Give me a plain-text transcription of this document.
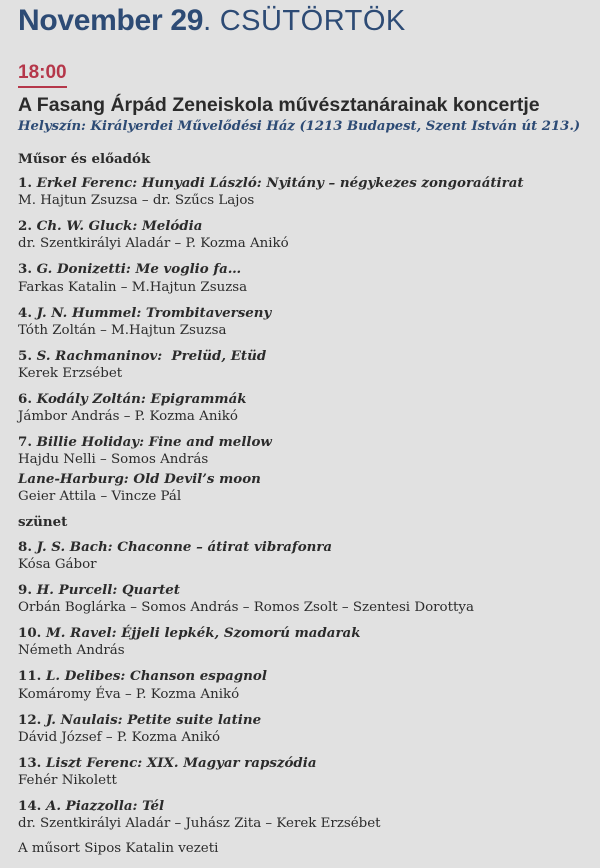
November 29 . CSÜTÖRTÖK
18:00
A Fasang Árpád Zeneiskola művésztanárainak koncertje
Helyszín: Királyerdei Művelődési Ház (1213 Budapest, Szent István út 213.)
Műsor és előadók
1. Erkel Ferenc: Hunyadi László: Nyitány – négykezes zongoraátirat
M. Hajtun Zsuzsa – dr. Szűcs Lajos
2. Ch. W. Gluck: Melódia
dr. Szentkirályi Aladár – P. Kozma Anikó
3. G. Donizetti: Me voglio fa…
Farkas Katalin – M.Hajtun Zsuzsa
4. J. N. Hummel: Trombitaverseny
Tóth Zoltán – M.Hajtun Zsuzsa
5. S. Rachmaninov:  Prelüd, Etüd
Kerek Erzsébet
6. Kodály Zoltán: Epigrammák
Jámbor András – P. Kozma Anikó
7. Billie Holiday: Fine and mellow
Hajdu Nelli – Somos András
Lane-Harburg: Old Devil’s moon
Geier Attila – Vincze Pál
szünet
8. J. S. Bach: Chaconne – átirat vibrafonra
Kósa Gábor
9. H. Purcell: Quartet
Orbán Boglárka – Somos András – Romos Zsolt – Szentesi Dorottya
10. M. Ravel: Éjjeli lepkék, Szomorú madarak
Németh András
11. L. Delibes: Chanson espagnol
Komáromy Éva – P. Kozma Anikó
12. J. Naulais: Petite suite latine
Dávid József – P. Kozma Anikó
13. Liszt Ferenc: XIX. Magyar rapszódia
Fehér Nikolett
14. A. Piazzolla: Tél
dr. Szentkirályi Aladár – Juhász Zita – Kerek Erzsébet
A műsort Sipos Katalin vezeti
